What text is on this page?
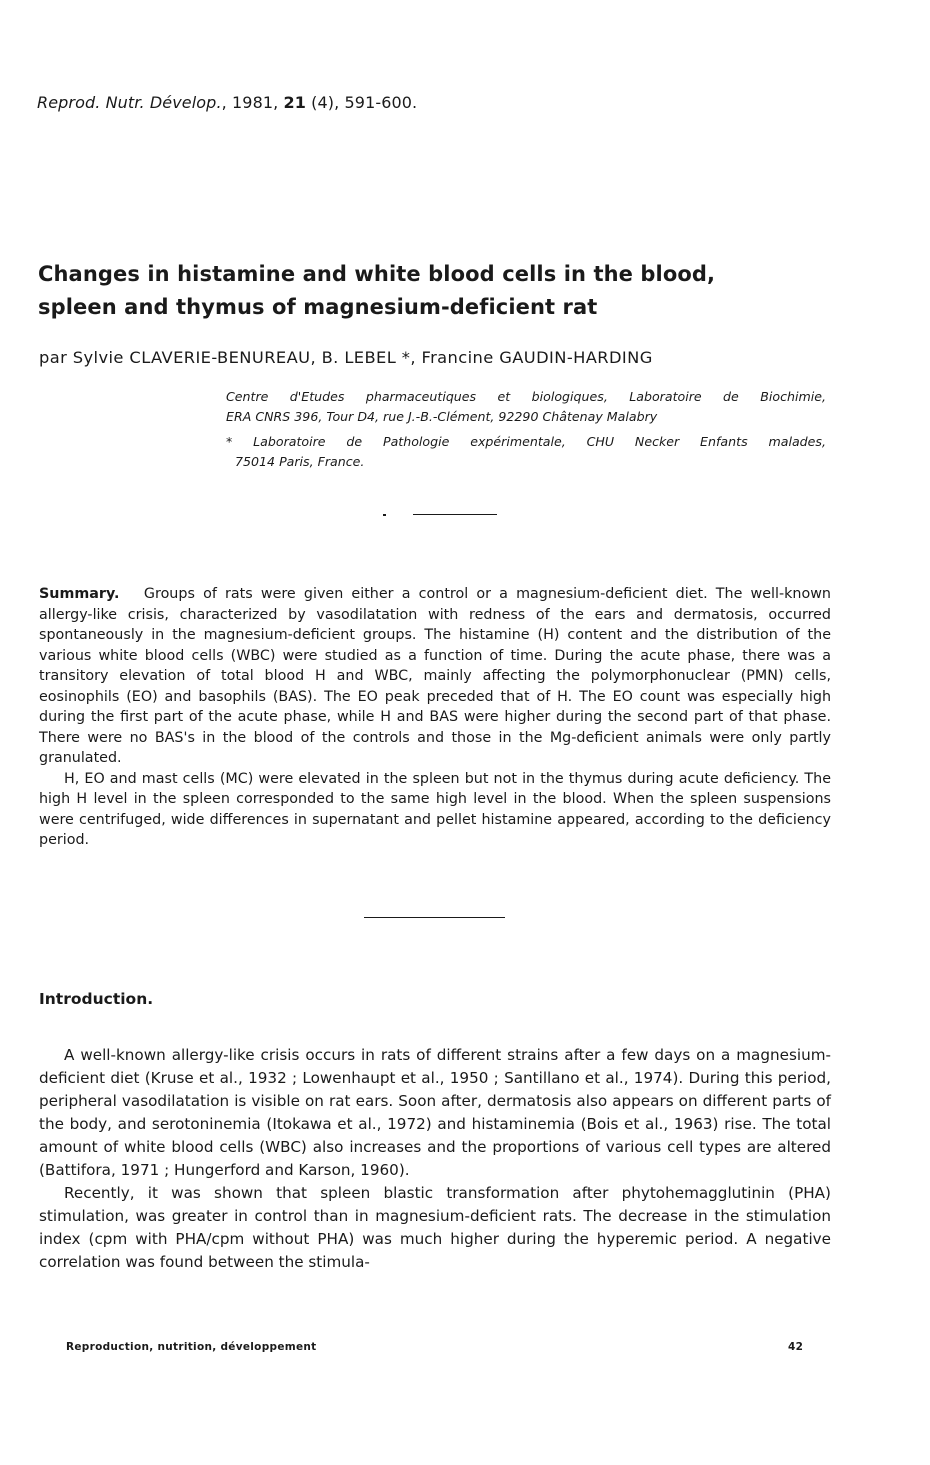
Reprod. Nutr. Dévelop., 1981, 21 (4), 591-600.
Changes in histamine and white blood cells in the blood,
spleen and thymus of magnesium-deficient rat
par Sylvie CLAVERIE-BENUREAU, B. LEBEL *, Francine GAUDIN-HARDING
Centre d'Etudes pharmaceutiques et biologiques, Laboratoire de Biochimie,
ERA CNRS 396, Tour D4, rue J.-B.-Clément, 92290 Châtenay Malabry
* Laboratoire de Pathologie expérimentale, CHU Necker Enfants malades,
75014 Paris, France.

Summary. Groups of rats were given either a control or a magnesium-deficient diet. The well-known allergy-like crisis, characterized by vasodilatation with redness of the ears and dermatosis, occurred spontaneously in the magnesium-deficient groups. The histamine (H) content and the distribution of the various white blood cells (WBC) were studied as a function of time. During the acute phase, there was a transitory elevation of total blood H and WBC, mainly affecting the polymorphonuclear (PMN) cells, eosinophils (EO) and basophils (BAS). The EO peak preceded that of H. The EO count was especially high during the first part of the acute phase, while H and BAS were higher during the second part of that phase. There were no BAS's in the blood of the controls and those in the Mg-deficient animals were only partly granulated.

H, EO and mast cells (MC) were elevated in the spleen but not in the thymus during acute deficiency. The high H level in the spleen corresponded to the same high level in the blood. When the spleen suspensions were centrifuged, wide differences in supernatant and pellet histamine appeared, according to the deficiency period.

Introduction.

A well-known allergy-like crisis occurs in rats of different strains after a few days on a magnesium-deficient diet (Kruse et al., 1932 ; Lowenhaupt et al., 1950 ; Santillano et al., 1974). During this period, peripheral vasodilatation is visible on rat ears. Soon after, dermatosis also appears on different parts of the body, and serotoninemia (Itokawa et al., 1972) and histaminemia (Bois et al., 1963) rise. The total amount of white blood cells (WBC) also increases and the proportions of various cell types are altered (Battifora, 1971 ; Hungerford and Karson, 1960).

Recently, it was shown that spleen blastic transformation after phytohemagglutinin (PHA) stimulation, was greater in control than in magnesium-deficient rats. The decrease in the stimulation index (cpm with PHA/cpm without PHA) was much higher during the hyperemic period. A negative correlation was found between the stimula-

Reproduction, nutrition, développement	42
